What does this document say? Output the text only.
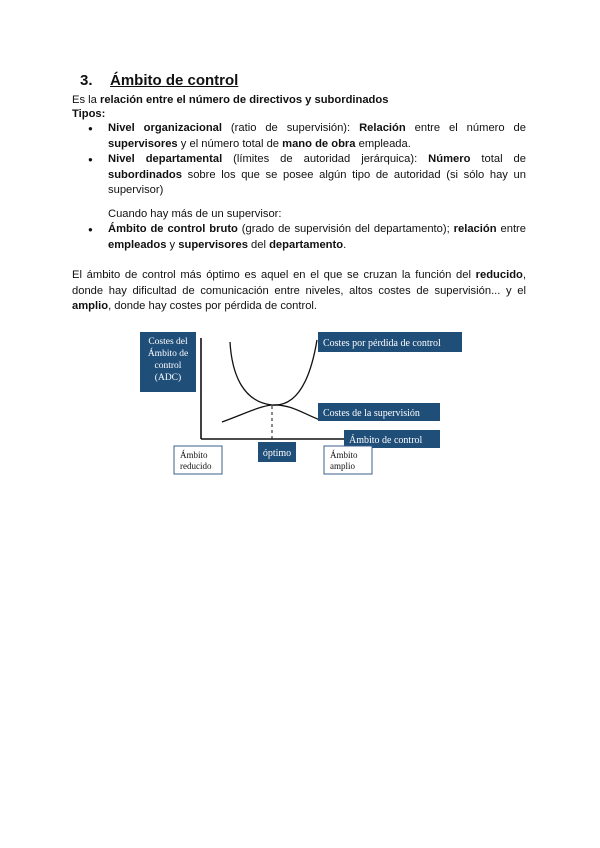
3. Ámbito de control
Es la relación entre el número de directivos y subordinados
Tipos:
● Nivel organizacional (ratio de supervisión): Relación entre el número de supervisores y el número total de mano de obra empleada.
● Nivel departamental (límites de autoridad jerárquica): Número total de subordinados sobre los que se posee algún tipo de autoridad (si sólo hay un supervisor)
Cuando hay más de un supervisor:
● Ámbito de control bruto (grado de supervisión del departamento); relación entre empleados y supervisores del departamento.
El ámbito de control más óptimo es aquel en el que se cruzan la función del reducido, donde hay dificultad de comunicación entre niveles, altos costes de supervisión... y el amplio, donde hay costes por pérdida de control.
Costes del
Ámbito de
control
(ADC)
Costes por pérdida de control
Costes de la supervisión
Ámbito de control
óptimo
Ámbito
reducido
Ámbito
amplio
